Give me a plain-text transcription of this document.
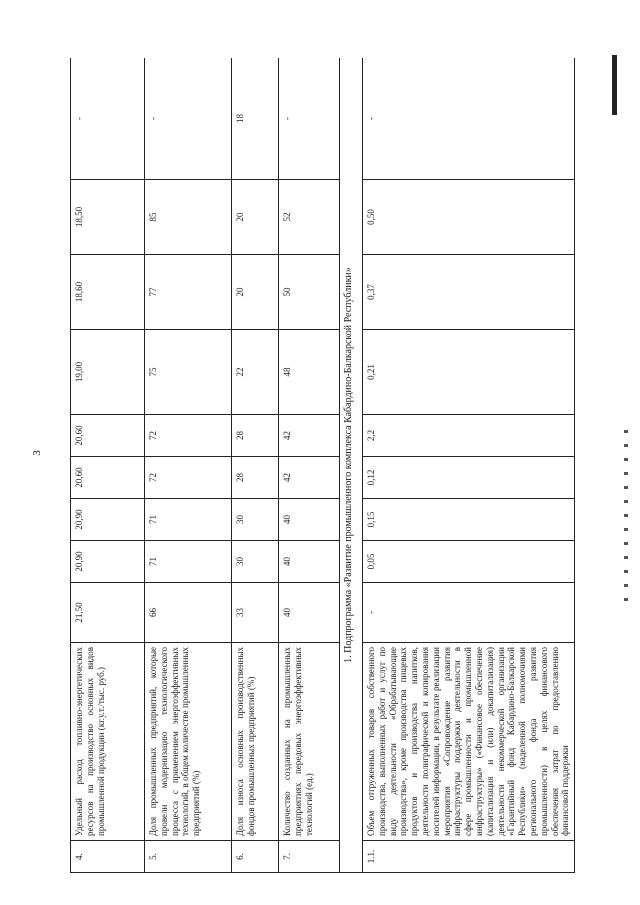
3
4.	Удельный расход топливно-энергетических ресурсов на производство основных видов промышленной продукции (кг.у.т./тыс. руб.)	21,50	20,90	20,90	20,60	20,60	19,00	18,60	18,50	-
5.	Доля промышленных предприятий, которые провели модернизацию технологического процесса с применением энергоэффективных технологий, в общем количестве промышленных предприятий (%)	66	71	71	72	72	75	77	85	-
6.	Доля износа основных производственных фондов промышленных предприятий (%)	33	30	30	28	28	22	20	20	18
7.	Количество созданных на промышленных предприятиях передовых энергоэффективных технологий (ед.)	40	40	40	42	42	48	50	52	-
1. Подпрограмма «Развитие промышленного комплекса Кабардино-Балкарской Республики»										
1.1.	Объем отгруженных товаров собственного производства, выполненных работ и услуг по виду деятельности «Обрабатывающие производства», кроме производства пищевых продуктов и производства напитков, деятельности полиграфической и копирования носителей информации, в результате реализации мероприятия «Сопровождение развития инфраструктуры поддержки деятельности в сфере промышленности и промышленной инфраструктуры» («Финансовое обеспечение (капитализация и (или) докапитализация) деятельности некоммерческой организации «Гарантийный фонд Кабардино-Балкарской Республики» (наделенной полномочиями регионального фонда развития промышленности) в целях финансового обеспечения затрат по предоставлению финансовой поддержки	-	0,05	0,15	0,12	2,2	0,21	0,37	0,50	-
